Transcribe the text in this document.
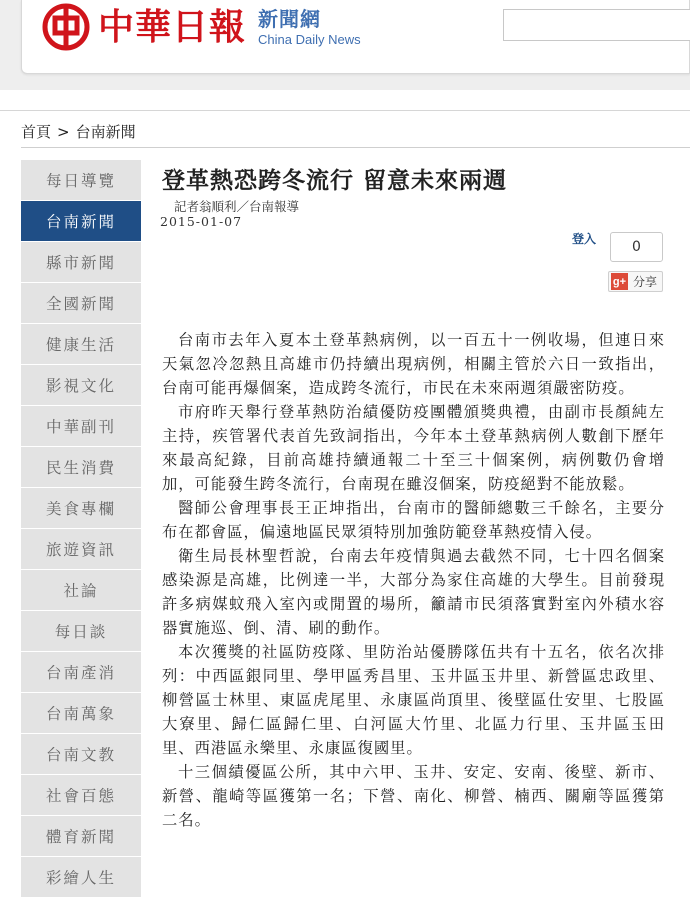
中華日報 新聞網
China Daily News
首頁 > 台南新聞
每日導覽
台南新聞
縣市新聞
全國新聞
健康生活
影視文化
中華副刊
民生消費
美食專欄
旅遊資訊
社論
每日談
台南產消
台南萬象
台南文教
社會百態
體育新聞
彩繪人生
登革熱恐跨冬流行 留意未來兩週
記者翁順利／台南報導
2015-01-07
登入	0
g+ 分享

台南市去年入夏本土登革熱病例，以一百五十一例收場，但連日來天氣忽冷忽熱且高雄市仍持續出現病例，相關主管於六日一致指出，台南可能再爆個案，造成跨冬流行，市民在未來兩週須嚴密防疫。

市府昨天舉行登革熱防治績優防疫團體頒獎典禮，由副市長顏純左主持，疾管署代表首先致詞指出，今年本土登革熱病例人數創下歷年來最高紀錄，目前高雄持續通報二十至三十個案例，病例數仍會增加，可能發生跨冬流行，台南現在雖沒個案，防疫絕對不能放鬆。

醫師公會理事長王正坤指出，台南市的醫師總數三千餘名，主要分布在都會區，偏遠地區民眾須特別加強防範登革熱疫情入侵。

衛生局長林聖哲說，台南去年疫情與過去截然不同，七十四名個案感染源是高雄，比例達一半，大部分為家住高雄的大學生。目前發現許多病媒蚊飛入室內或閒置的場所，籲請市民須落實對室內外積水容器實施巡、倒、清、刷的動作。

本次獲獎的社區防疫隊、里防治站優勝隊伍共有十五名，依名次排列：中西區銀同里、學甲區秀昌里、玉井區玉井里、新營區忠政里、柳營區士林里、東區虎尾里、永康區尚頂里、後壁區仕安里、七股區大寮里、歸仁區歸仁里、白河區大竹里、北區力行里、玉井區玉田里、西港區永樂里、永康區復國里。

十三個績優區公所，其中六甲、玉井、安定、安南、後壁、新市、新營、龍崎等區獲第一名；下營、南化、柳營、楠西、關廟等區獲第二名。
